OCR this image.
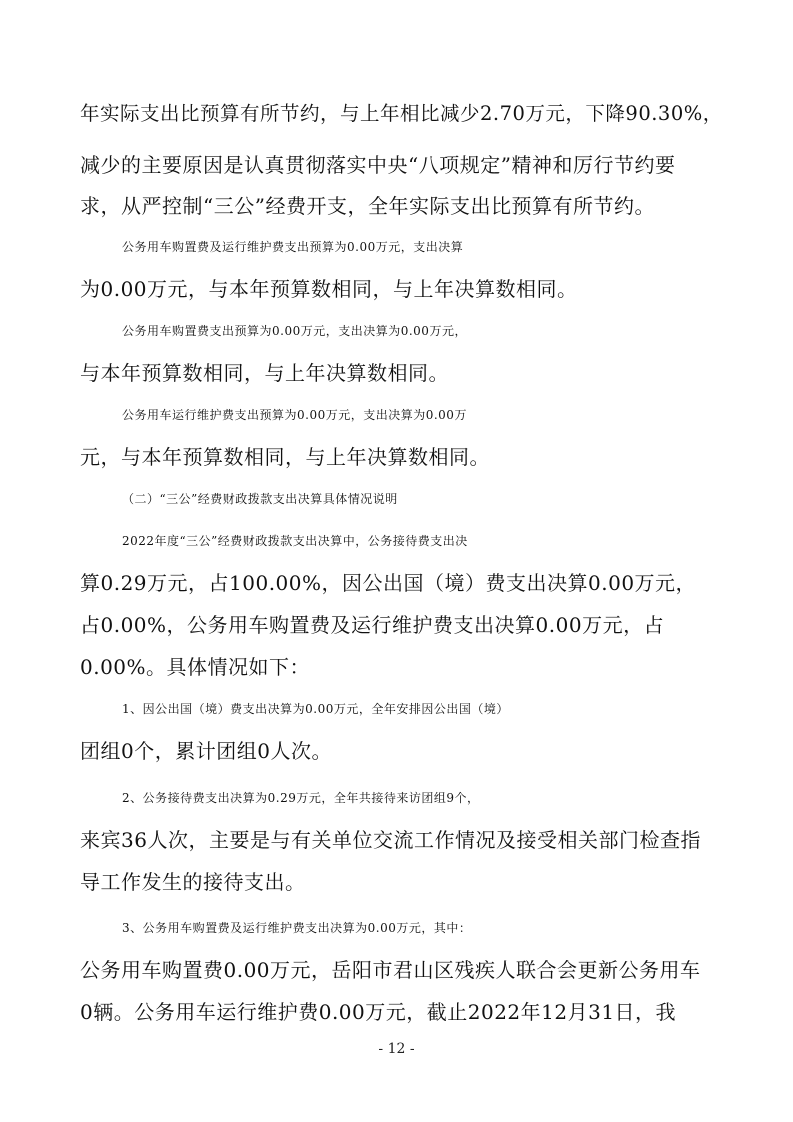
年实际支出比预算有所节约，与上年相比减少2.70万元，下降90.30%，
减少的主要原因是认真贯彻落实中央“八项规定”精神和厉行节约要
求，从严控制“三公”经费开支，全年实际支出比预算有所节约。
公务用车购置费及运行维护费支出预算为0.00万元，支出决算
为0.00万元，与本年预算数相同，与上年决算数相同。
公务用车购置费支出预算为0.00万元，支出决算为0.00万元，
与本年预算数相同，与上年决算数相同。
公务用车运行维护费支出预算为0.00万元，支出决算为0.00万
元，与本年预算数相同，与上年决算数相同。
（二）“三公”经费财政拨款支出决算具体情况说明
2022年度“三公”经费财政拨款支出决算中，公务接待费支出决
算0.29万元，占100.00%，因公出国（境）费支出决算0.00万元，
占0.00%，公务用车购置费及运行维护费支出决算0.00万元，占
0.00%。具体情况如下：
1、因公出国（境）费支出决算为0.00万元，全年安排因公出国（境）
团组0个，累计团组0人次。
2、公务接待费支出决算为0.29万元，全年共接待来访团组9个，
来宾36人次，主要是与有关单位交流工作情况及接受相关部门检查指
导工作发生的接待支出。
3、公务用车购置费及运行维护费支出决算为0.00万元，其中：
公务用车购置费0.00万元，岳阳市君山区残疾人联合会更新公务用车
0辆。公务用车运行维护费0.00万元，截止2022年12月31日，我
- 12 -
